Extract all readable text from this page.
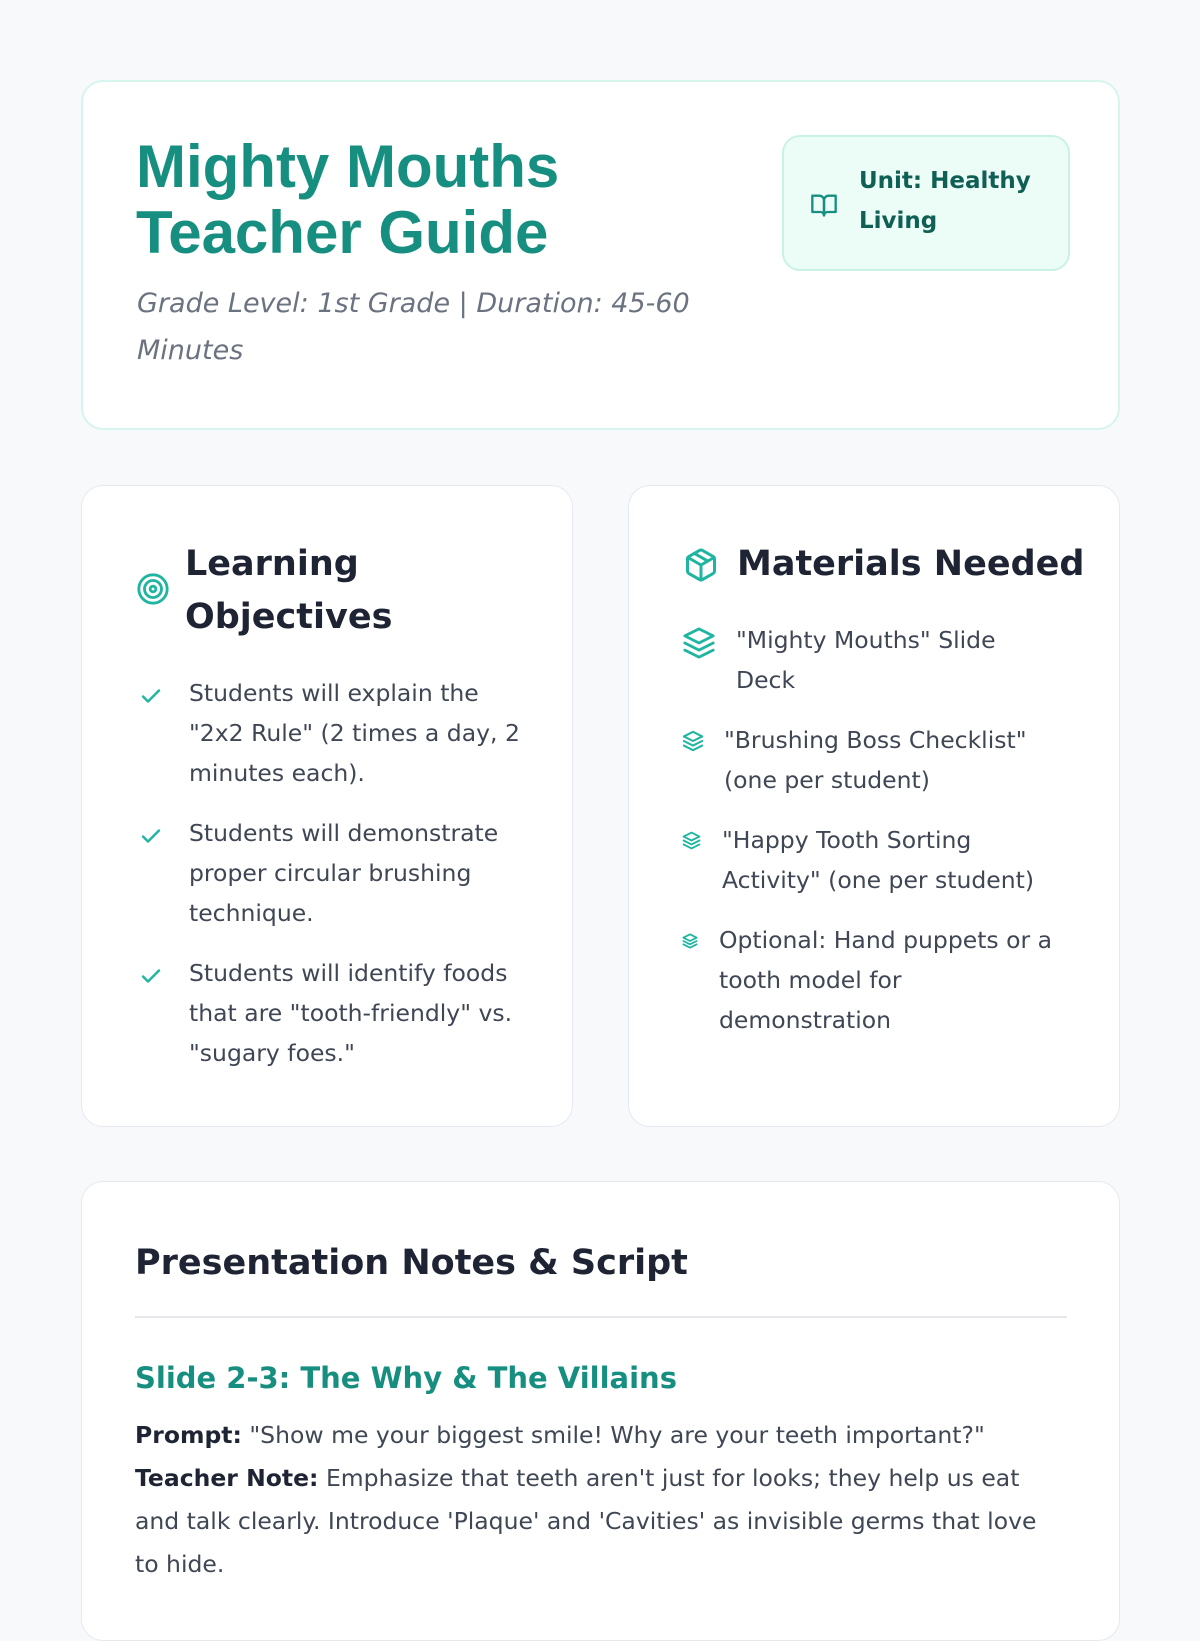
Mighty Mouths Teacher Guide
Grade Level: 1st Grade | Duration: 45-60 Minutes
Unit: Healthy Living
Learning Objectives
Students will explain the "2x2 Rule" (2 times a day, 2 minutes each).
Students will demonstrate proper circular brushing technique.
Students will identify foods that are "tooth-friendly" vs. "sugary foes."
Materials Needed
"Mighty Mouths" Slide Deck
"Brushing Boss Checklist" (one per student)
"Happy Tooth Sorting Activity" (one per student)
Optional: Hand puppets or a tooth model for demonstration
Presentation Notes & Script
Slide 2-3: The Why & The Villains
Prompt: "Show me your biggest smile! Why are your teeth important?"
Teacher Note: Emphasize that teeth aren't just for looks; they help us eat and talk clearly. Introduce 'Plaque' and 'Cavities' as invisible germs that love to hide.
